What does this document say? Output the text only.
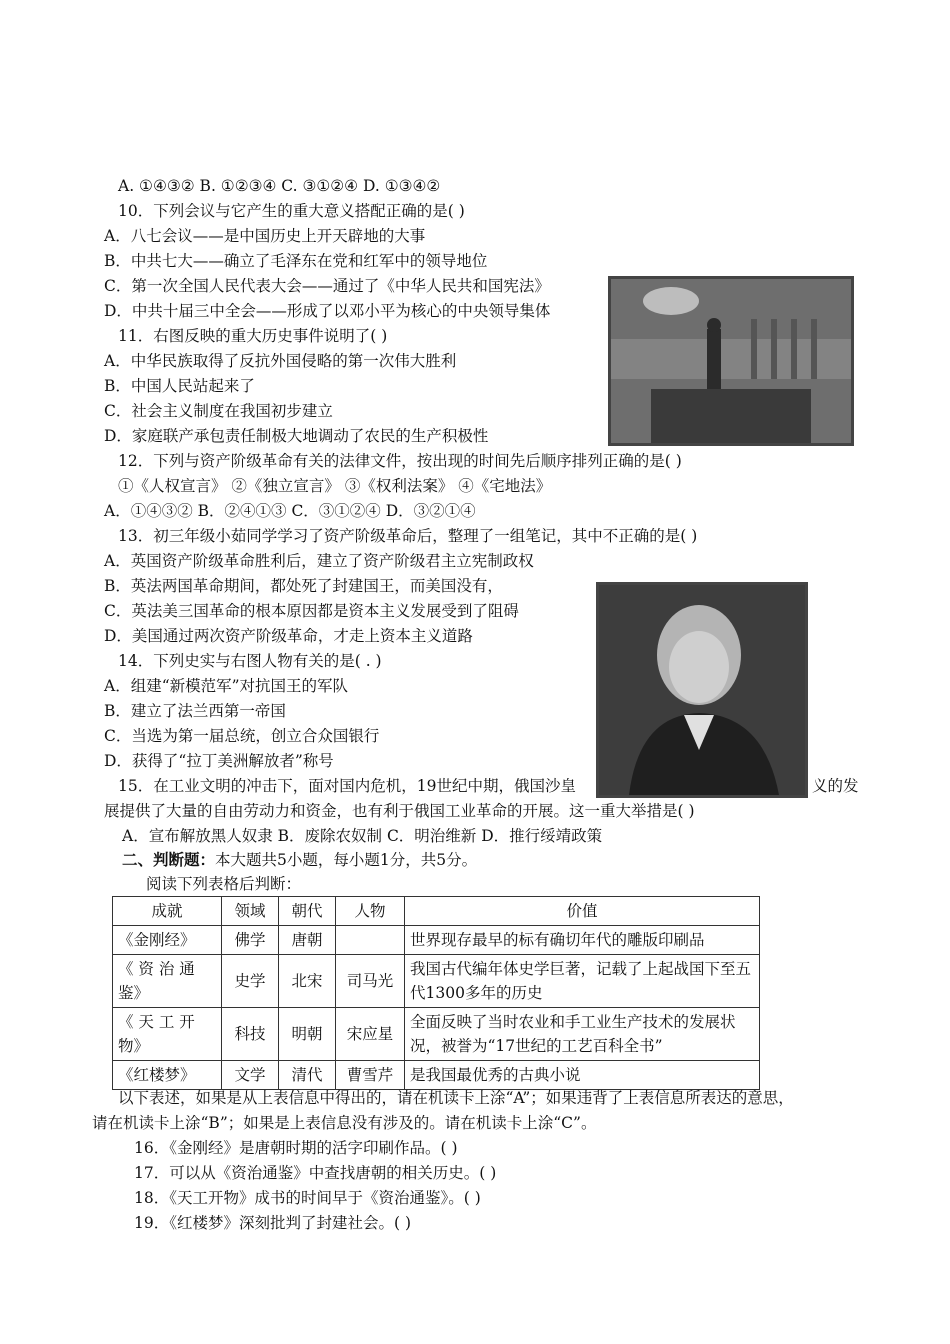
A. ①④③② B. ①②③④ C. ③①②④ D. ①③④②
10．下列会议与它产生的重大意义搭配正确的是( )
A．八七会议——是中国历史上开天辟地的大事
B．中共七大——确立了毛泽东在党和红军中的领导地位
C．第一次全国人民代表大会——通过了《中华人民共和国宪法》
D．中共十届三中全会——形成了以邓小平为核心的中央领导集体
11．右图反映的重大历史事件说明了( )
A．中华民族取得了反抗外国侵略的第一次伟大胜利
B．中国人民站起来了
C．社会主义制度在我国初步建立
D．家庭联产承包责任制极大地调动了农民的生产积极性
12．下列与资产阶级革命有关的法律文件，按出现的时间先后顺序排列正确的是( )
①《人权宣言》 ②《独立宣言》 ③《权利法案》 ④《宅地法》
A．①④③② B．②④①③ C．③①②④ D．③②①④
13．初三年级小茹同学学习了资产阶级革命后，整理了一组笔记，其中不正确的是( )
A．英国资产阶级革命胜利后，建立了资产阶级君主立宪制政权
B．英法两国革命期间，都处死了封建国王，而美国没有，
C．英法美三国革命的根本原因都是资本主义发展受到了阻碍
D．美国通过两次资产阶级革命，才走上资本主义道路
14．下列史实与右图人物有关的是( . )
A．组建“新模范军”对抗国王的军队
B．建立了法兰西第一帝国
C．当选为第一届总统，创立合众国银行
D．获得了“拉丁美洲解放者”称号
15．在工业文明的冲击下，面对国内危机，19世纪中期，俄国沙皇	义的发
展提供了大量的自由劳动力和资金，也有利于俄国工业革命的开展。这一重大举措是( )
A．宣布解放黑人奴隶 B．废除农奴制 C．明治维新 D．推行绥靖政策
阅读下列表格后判断：
以下表述，如果是从上表信息中得出的，请在机读卡上涂“A”；如果违背了上表信息所表达的意思，
请在机读卡上涂“B”；如果是上表信息没有涉及的。请在机读卡上涂“C”。
16．《金刚经》是唐朝时期的活字印刷作品。( )
17．可以从《资治通鉴》中查找唐朝的相关历史。( )
18．《天工开物》成书的时间早于《资治通鉴》。( )
19．《红楼梦》深刻批判了封建社会。( )
二、判断题：本大题共5小题，每小题1分，共5分。
成就	领域	朝代	人物	价值
《金刚经》	佛学	唐朝		世界现存最早的标有确切年代的雕版印刷品
《 资 治 通鉴》	史学	北宋	司马光	我国古代编年体史学巨著，记载了上起战国下至五代1300多年的历史
《 天 工 开物》	科技	明朝	宋应星	全面反映了当时农业和手工业生产技术的发展状况，被誉为“17世纪的工艺百科全书”
《红楼梦》	文学	清代	曹雪芹	是我国最优秀的古典小说
